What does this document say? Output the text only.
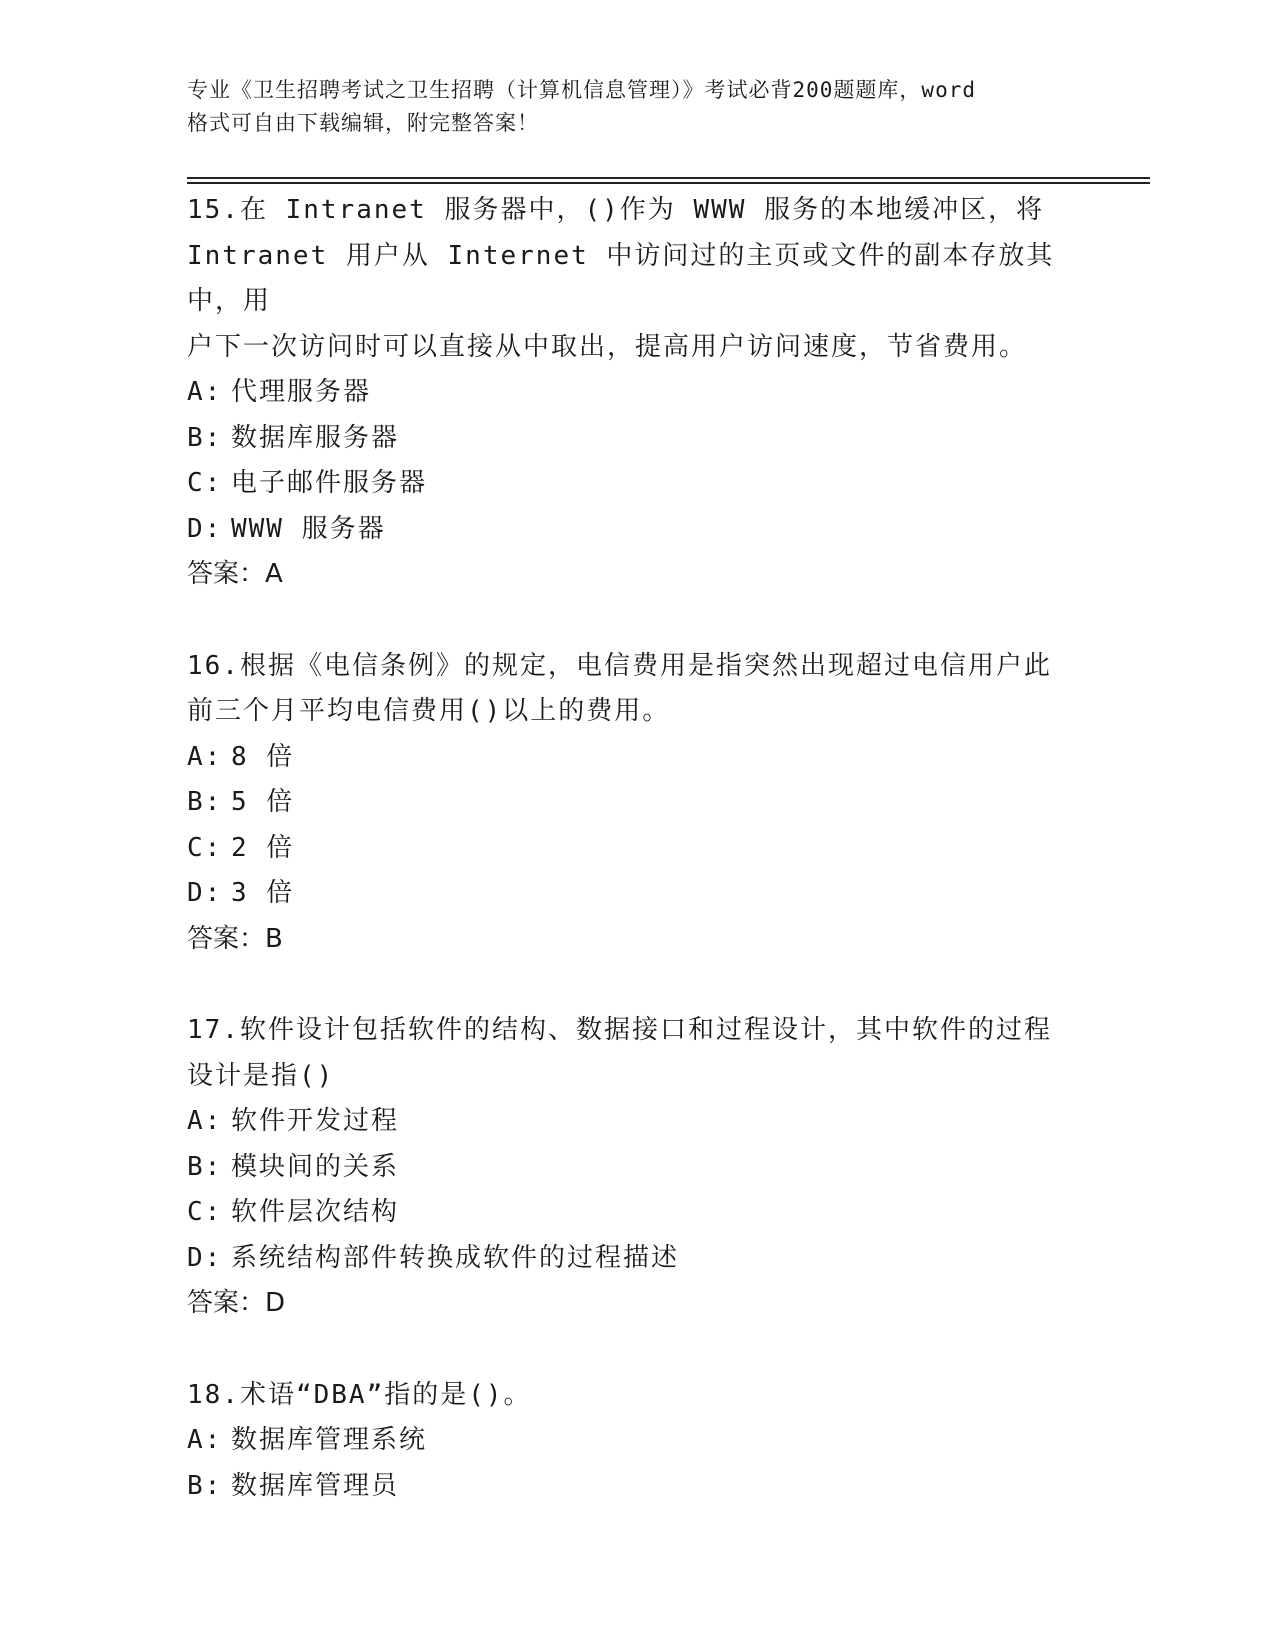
专业《卫生招聘考试之卫生招聘（计算机信息管理）》考试必背200题题库，word
格式可自由下载编辑，附完整答案！

15.在 Intranet 服务器中，()作为 WWW 服务的本地缓冲区，将

Intranet 用户从 Internet 中访问过的主页或文件的副本存放其中，用

户下一次访问时可以直接从中取出，提高用户访问速度，节省费用。

A: 代理服务器

B: 数据库服务器

C: 电子邮件服务器

D: WWW 服务器

答案：A

16.根据《电信条例》的规定，电信费用是指突然出现超过电信用户此

前三个月平均电信费用()以上的费用。

A: 8 倍

B: 5 倍

C: 2 倍

D: 3 倍

答案：B

17.软件设计包括软件的结构、数据接口和过程设计，其中软件的过程

设计是指()

A: 软件开发过程

B: 模块间的关系

C: 软件层次结构

D: 系统结构部件转换成软件的过程描述

答案：D

18.术语“DBA”指的是()。

A: 数据库管理系统

B: 数据库管理员
